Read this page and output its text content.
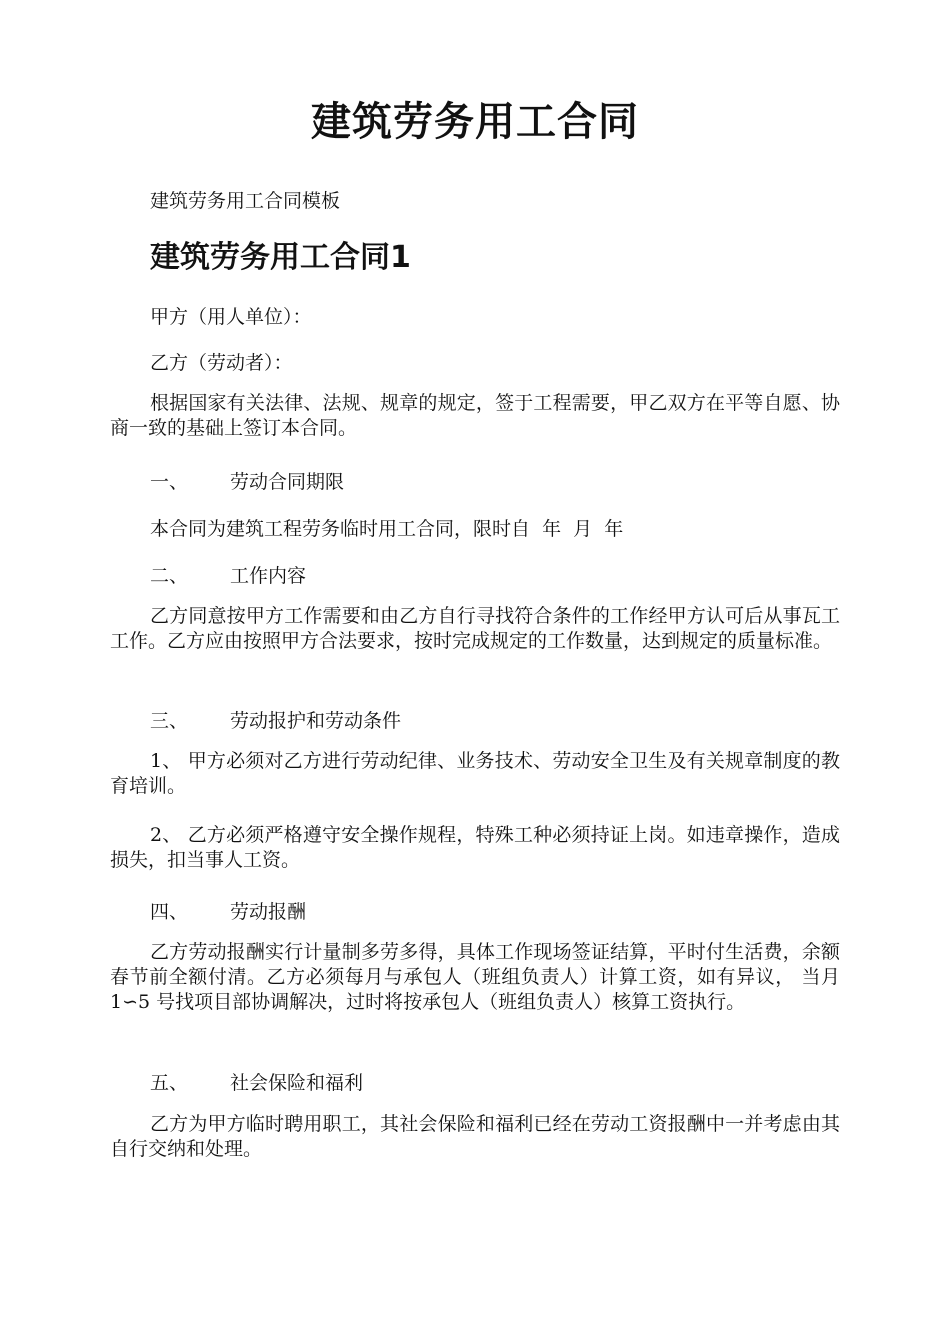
建筑劳务用工合同

建筑劳务用工合同模板

建筑劳务用工合同1

甲方（用人单位）：

乙方（劳动者）：

根据国家有关法律、法规、规章的规定，签于工程需要，甲乙双方在平等自愿、协商一致的基础上签订本合同。

一、 劳动合同期限

本合同为建筑工程劳务临时用工合同，限时自  年  月  年

二、 工作内容

乙方同意按甲方工作需要和由乙方自行寻找符合条件的工作经甲方认可后从事瓦工工作。乙方应由按照甲方合法要求，按时完成规定的工作数量，达到规定的质量标准。

三、 劳动报护和劳动条件

1、 甲方必须对乙方进行劳动纪律、业务技术、劳动安全卫生及有关规章制度的教育培训。

2、 乙方必须严格遵守安全操作规程，特殊工种必须持证上岗。如违章操作，造成损失，扣当事人工资。

四、 劳动报酬

乙方劳动报酬实行计量制多劳多得，具体工作现场签证结算，平时付生活费，余额春节前全额付清。乙方必须每月与承包人（班组负责人）计算工资，如有异议， 当月 1∽5 号找项目部协调解决，过时将按承包人（班组负责人）核算工资执行。

五、 社会保险和福利

乙方为甲方临时聘用职工，其社会保险和福利已经在劳动工资报酬中一并考虑由其自行交纳和处理。
